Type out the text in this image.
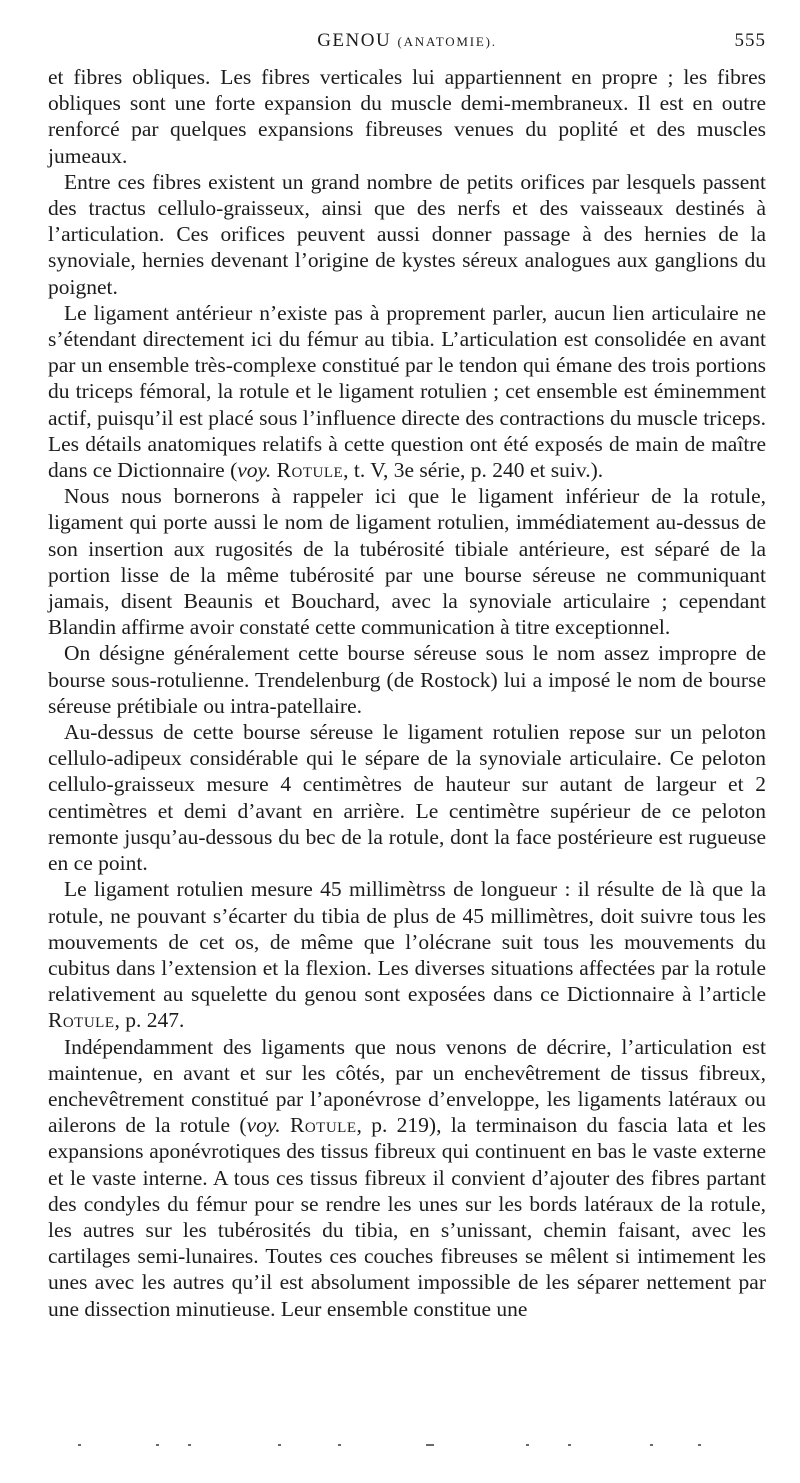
GENOU (ANATOMIE).	555

et fibres obliques. Les fibres verticales lui appartiennent en propre ; les fibres obliques sont une forte expansion du muscle demi-membraneux. Il est en outre renforcé par quelques expansions fibreuses venues du poplité et des muscles jumeaux.

Entre ces fibres existent un grand nombre de petits orifices par lesquels passent des tractus cellulo-graisseux, ainsi que des nerfs et des vaisseaux destinés à l’articulation. Ces orifices peuvent aussi donner passage à des hernies de la synoviale, hernies devenant l’origine de kystes séreux analogues aux ganglions du poignet.

Le ligament antérieur n’existe pas à proprement parler, aucun lien articulaire ne s’étendant directement ici du fémur au tibia. L’articulation est consolidée en avant par un ensemble très-complexe constitué par le tendon qui émane des trois portions du triceps fémoral, la rotule et le ligament rotulien ; cet ensemble est éminemment actif, puisqu’il est placé sous l’influence directe des contractions du muscle triceps. Les détails anatomiques relatifs à cette question ont été exposés de main de maître dans ce Dictionnaire (voy. Rotule, t. V, 3e série, p. 240 et suiv.).

Nous nous bornerons à rappeler ici que le ligament inférieur de la rotule, ligament qui porte aussi le nom de ligament rotulien, immédiatement au-dessus de son insertion aux rugosités de la tubérosité tibiale antérieure, est séparé de la portion lisse de la même tubérosité par une bourse séreuse ne communiquant jamais, disent Beaunis et Bouchard, avec la synoviale articulaire ; cependant Blandin affirme avoir constaté cette communication à titre exceptionnel.

On désigne généralement cette bourse séreuse sous le nom assez impropre de bourse sous-rotulienne. Trendelenburg (de Rostock) lui a imposé le nom de bourse séreuse prétibiale ou intra-patellaire.

Au-dessus de cette bourse séreuse le ligament rotulien repose sur un peloton cellulo-adipeux considérable qui le sépare de la synoviale articulaire. Ce peloton cellulo-graisseux mesure 4 centimètres de hauteur sur autant de largeur et 2 centimètres et demi d’avant en arrière. Le centimètre supérieur de ce peloton remonte jusqu’au-dessous du bec de la rotule, dont la face postérieure est rugueuse en ce point.

Le ligament rotulien mesure 45 millimètrss de longueur : il résulte de là que la rotule, ne pouvant s’écarter du tibia de plus de 45 millimètres, doit suivre tous les mouvements de cet os, de même que l’olécrane suit tous les mouvements du cubitus dans l’extension et la flexion. Les diverses situations affectées par la rotule relativement au squelette du genou sont exposées dans ce Dictionnaire à l’article Rotule, p. 247.

Indépendamment des ligaments que nous venons de décrire, l’articulation est maintenue, en avant et sur les côtés, par un enchevêtrement de tissus fibreux, enchevêtrement constitué par l’aponévrose d’enveloppe, les ligaments latéraux ou ailerons de la rotule (voy. Rotule, p. 219), la terminaison du fascia lata et les expansions aponévrotiques des tissus fibreux qui continuent en bas le vaste externe et le vaste interne. A tous ces tissus fibreux il convient d’ajouter des fibres partant des condyles du fémur pour se rendre les unes sur les bords latéraux de la rotule, les autres sur les tubérosités du tibia, en s’unissant, chemin faisant, avec les cartilages semi-lunaires. Toutes ces couches fibreuses se mêlent si intimement les unes avec les autres qu’il est absolument impossible de les séparer nettement par une dissection minutieuse. Leur ensemble constitue une
